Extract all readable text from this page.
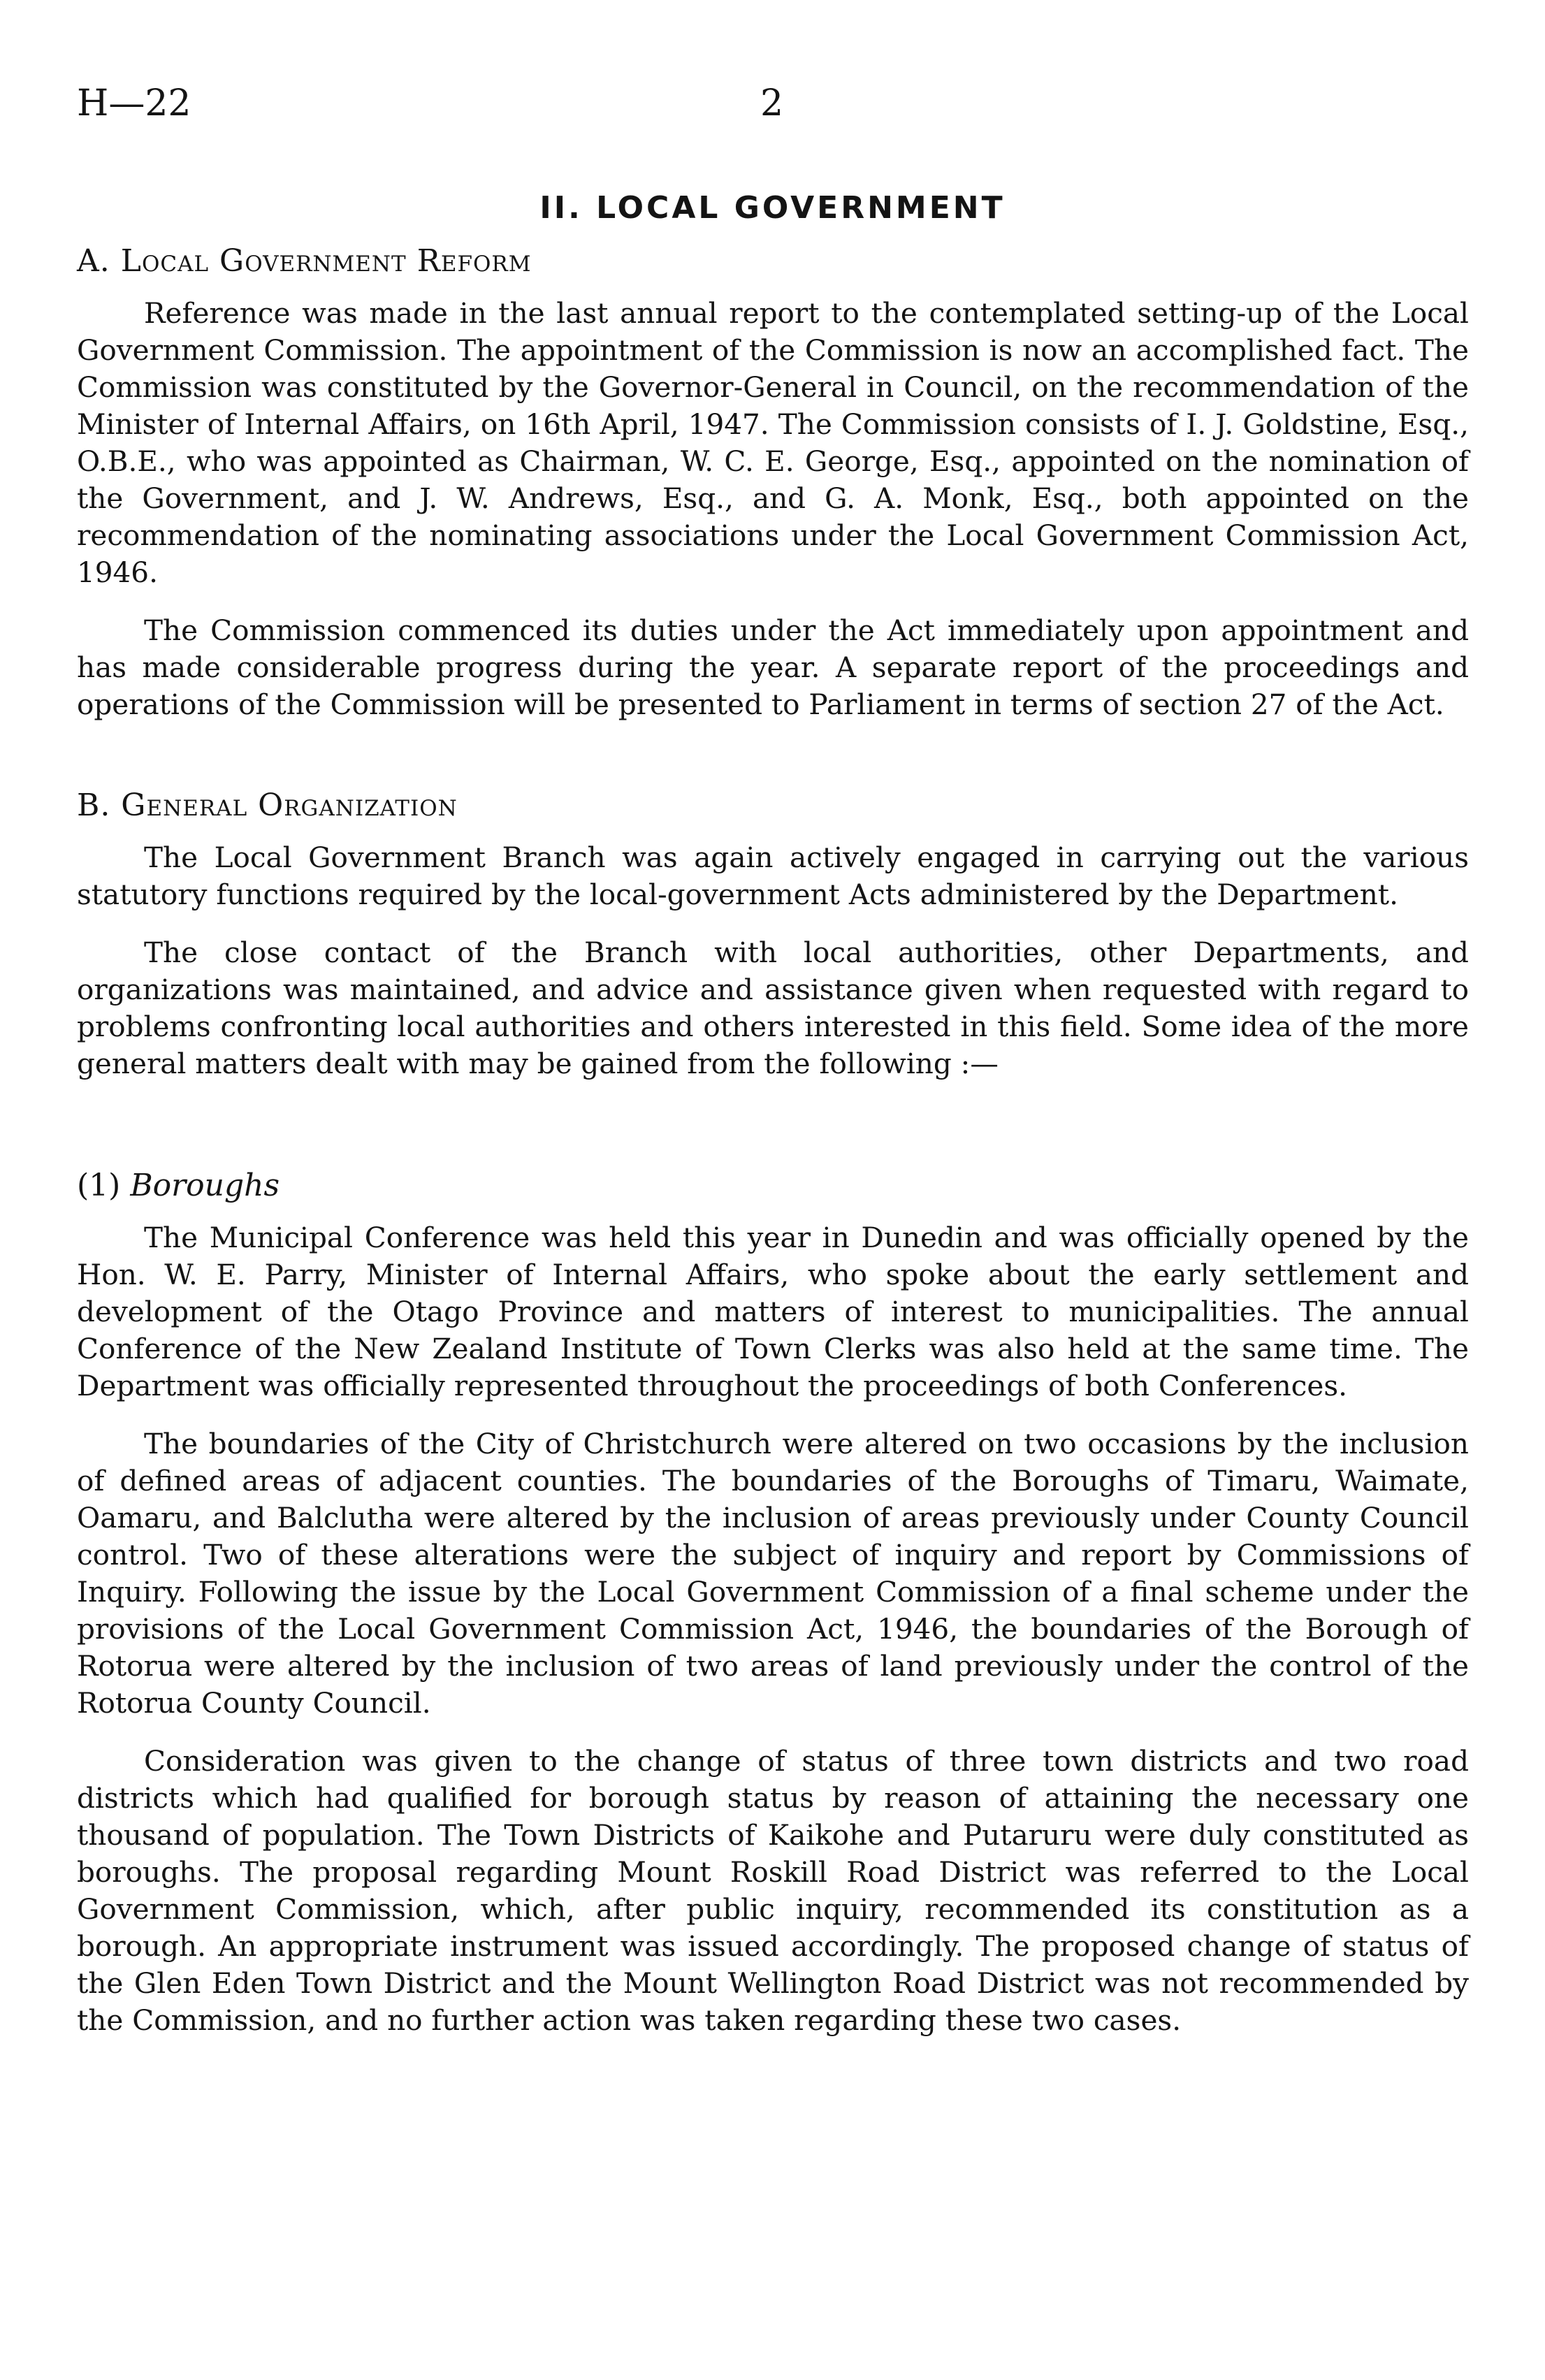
H—22	2
II. LOCAL GOVERNMENT
A. Local Government Reform

Reference was made in the last annual report to the contemplated setting-up of the Local Government Commission. The appointment of the Commission is now an accomplished fact. The Commission was constituted by the Governor-General in Council, on the recommendation of the Minister of Internal Affairs, on 16th April, 1947. The Commission consists of I. J. Goldstine, Esq., O.B.E., who was appointed as Chairman, W. C. E. George, Esq., appointed on the nomination of the Government, and J. W. Andrews, Esq., and G. A. Monk, Esq., both appointed on the recommendation of the nominating associations under the Local Government Commission Act, 1946.

The Commission commenced its duties under the Act immediately upon appointment and has made considerable progress during the year. A separate report of the proceedings and operations of the Commission will be presented to Parliament in terms of section 27 of the Act.

B. General Organization

The Local Government Branch was again actively engaged in carrying out the various statutory functions required by the local-government Acts administered by the Department.

The close contact of the Branch with local authorities, other Departments, and organizations was maintained, and advice and assistance given when requested with regard to problems confronting local authorities and others interested in this field. Some idea of the more general matters dealt with may be gained from the following :—

(1) Boroughs

The Municipal Conference was held this year in Dunedin and was officially opened by the Hon. W. E. Parry, Minister of Internal Affairs, who spoke about the early settlement and development of the Otago Province and matters of interest to municipalities. The annual Conference of the New Zealand Institute of Town Clerks was also held at the same time. The Department was officially represented throughout the proceedings of both Conferences.

The boundaries of the City of Christchurch were altered on two occasions by the inclusion of defined areas of adjacent counties. The boundaries of the Boroughs of Timaru, Waimate, Oamaru, and Balclutha were altered by the inclusion of areas previously under County Council control. Two of these alterations were the subject of inquiry and report by Commissions of Inquiry. Following the issue by the Local Government Commission of a final scheme under the provisions of the Local Government Commission Act, 1946, the boundaries of the Borough of Rotorua were altered by the inclusion of two areas of land previously under the control of the Rotorua County Council.

Consideration was given to the change of status of three town districts and two road districts which had qualified for borough status by reason of attaining the necessary one thousand of population. The Town Districts of Kaikohe and Putaruru were duly constituted as boroughs. The proposal regarding Mount Roskill Road District was referred to the Local Government Commission, which, after public inquiry, recommended its constitution as a borough. An appropriate instrument was issued accordingly. The proposed change of status of the Glen Eden Town District and the Mount Wellington Road District was not recommended by the Commission, and no further action was taken regarding these two cases.
